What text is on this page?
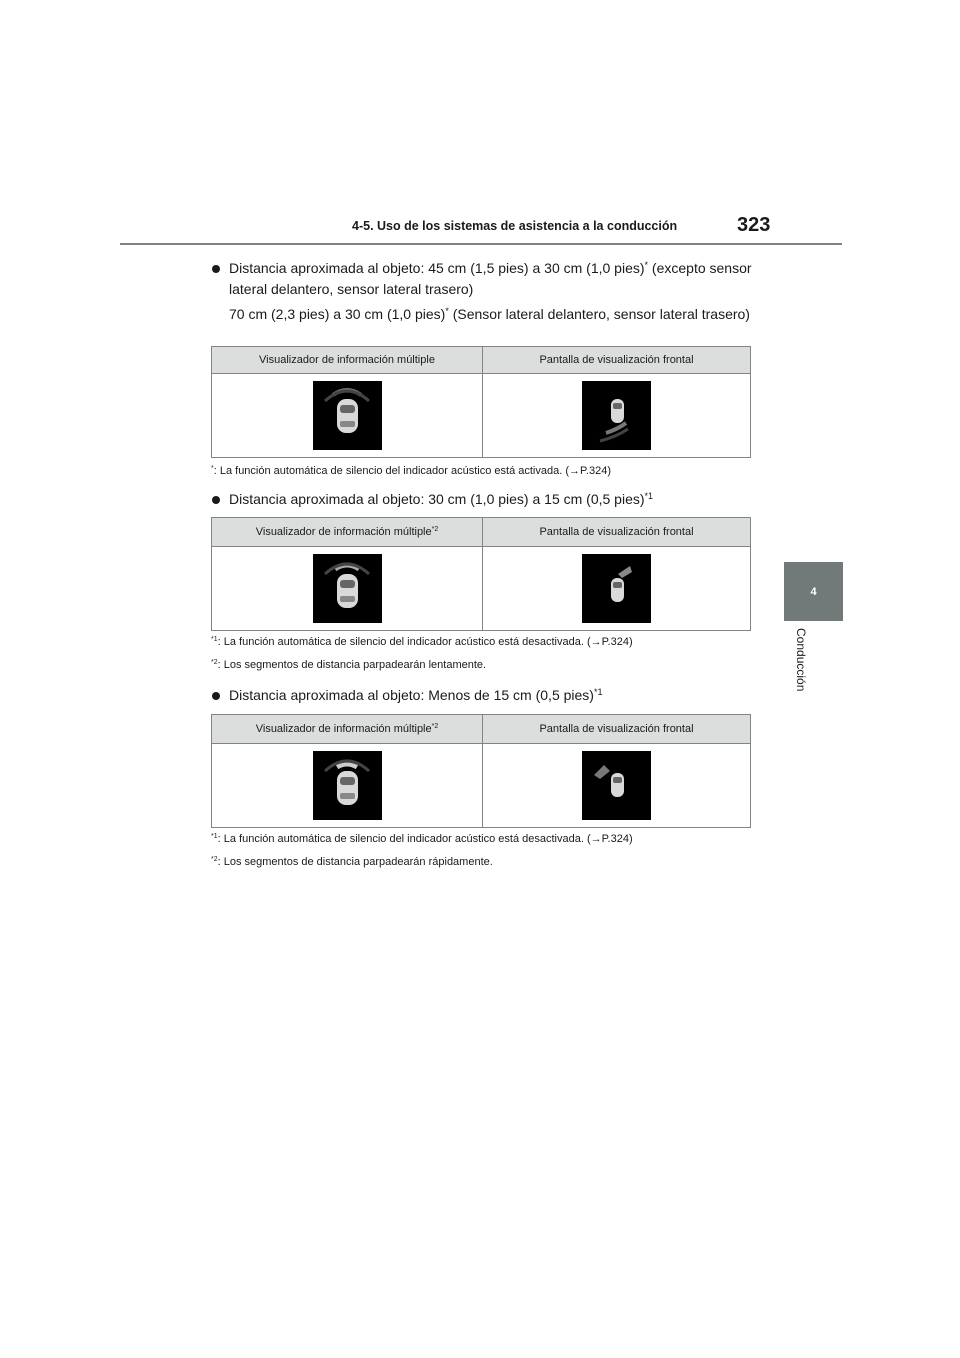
4-5. Uso de los sistemas de asistencia a la conducción	323
4
Conducción
Distancia aproximada al objeto: 45 cm (1,5 pies) a 30 cm (1,0 pies)* (excepto sensor lateral delantero, sensor lateral trasero)
70 cm (2,3 pies) a 30 cm (1,0 pies)* (Sensor lateral delantero, sensor lateral trasero)
Visualizador de información múltiple	Pantalla de visualización frontal

*: La función automática de silencio del indicador acústico está activada. (→P.324)
Distancia aproximada al objeto: 30 cm (1,0 pies) a 15 cm (0,5 pies)$^{*1}$
Visualizador de información múltiple$^{*2}$	Pantalla de visualización frontal

$^{*1}$: La función automática de silencio del indicador acústico está desactivada. (→P.324)
$^{*2}$: Los segmentos de distancia parpadearán lentamente.
Distancia aproximada al objeto: Menos de 15 cm (0,5 pies)$^{*1}$
Visualizador de información múltiple$^{*2}$	Pantalla de visualización frontal

$^{*1}$: La función automática de silencio del indicador acústico está desactivada. (→P.324)
$^{*2}$: Los segmentos de distancia parpadearán rápidamente.
